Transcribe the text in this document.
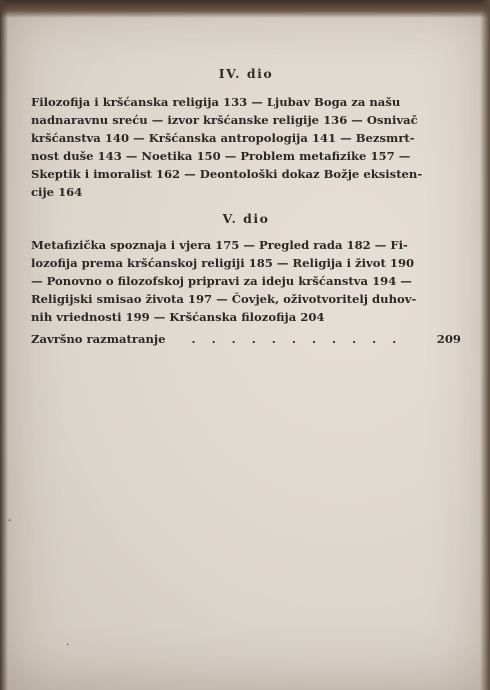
IV. dio

Filozofija i kršćanska religija 133 — Ljubav Boga za našu
nadnaravnu sreću — izvor kršćanske religije 136 — Osnivač
kršćanstva 140 — Kršćanska antropologija 141 — Bezsmrt-
nost duše 143 — Noetika 150 — Problem metafizike 157 —
Skeptik i imoralist 162 — Deontološki dokaz Božje eksisten-
cije 164

V. dio

Metafizička spoznaja i vjera 175 — Pregled rada 182 — Fi-
lozofija prema kršćanskoj religiji 185 — Religija i život 190
— Ponovno o filozofskoj pripravi za ideju kršćanstva 194 —
Religijski smisao života 197 — Čovjek, oživotvoritelj duhov-
nih vriednosti 199 — Kršćanska filozofija 204

Završno razmatranje	. . . . . . . . . . .	209
-
·
